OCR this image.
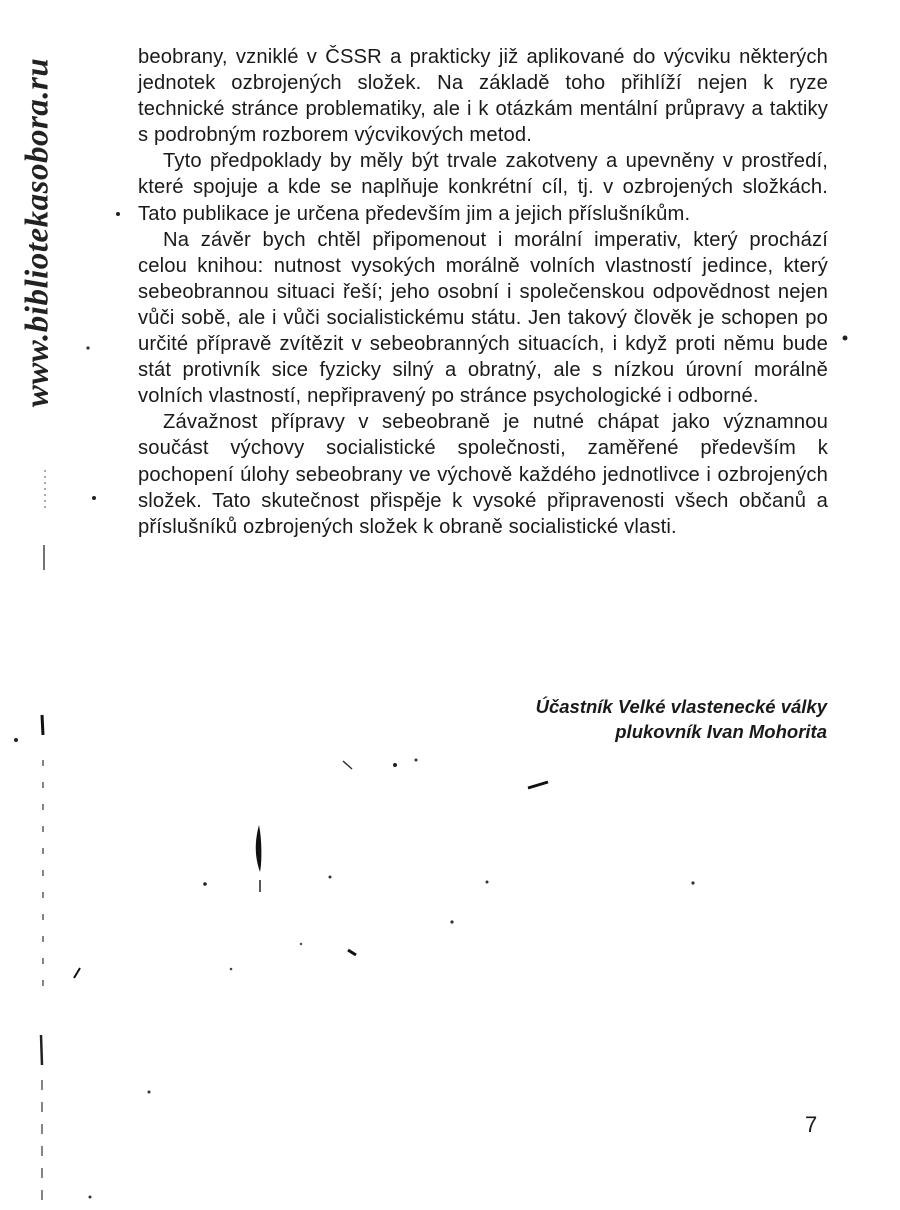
www.bibliotekasobora.ru

beobrany, vzniklé v ČSSR a prakticky již aplikované do výcviku některých jednotek ozbrojených složek. Na základě toho přihlíží nejen k ryze technické stránce problematiky, ale i k otázkám mentální průpravy a taktiky s podrobným rozborem výcvikových metod.

Tyto předpoklady by měly být trvale zakotveny a upevněny v prostředí, které spojuje a kde se naplňuje konkrétní cíl, tj. v ozbrojených složkách. Tato publikace je určena především jim a jejich příslušníkům.

Na závěr bych chtěl připomenout i morální imperativ, který prochází celou knihou: nutnost vysokých morálně volních vlastností jedince, který sebeobrannou situaci řeší; jeho osobní i společenskou odpovědnost nejen vůči sobě, ale i vůči socialistickému státu. Jen takový člověk je schopen po určité přípravě zvítězit v sebeobranných situacích, i když proti němu bude stát protivník sice fyzicky silný a obratný, ale s nízkou úrovní morálně volních vlastností, nepřipravený po stránce psychologické i odborné.

Závažnost přípravy v sebeobraně je nutné chápat jako významnou součást výchovy socialistické společnosti, zaměřené především k pochopení úlohy sebeobrany ve výchově každého jednotlivce i ozbrojených složek. Tato skutečnost přispěje k vysoké připravenosti všech občanů a příslušníků ozbrojených složek k obraně socialistické vlasti.

Účastník Velké vlastenecké války
plukovník Ivan Mohorita
7
